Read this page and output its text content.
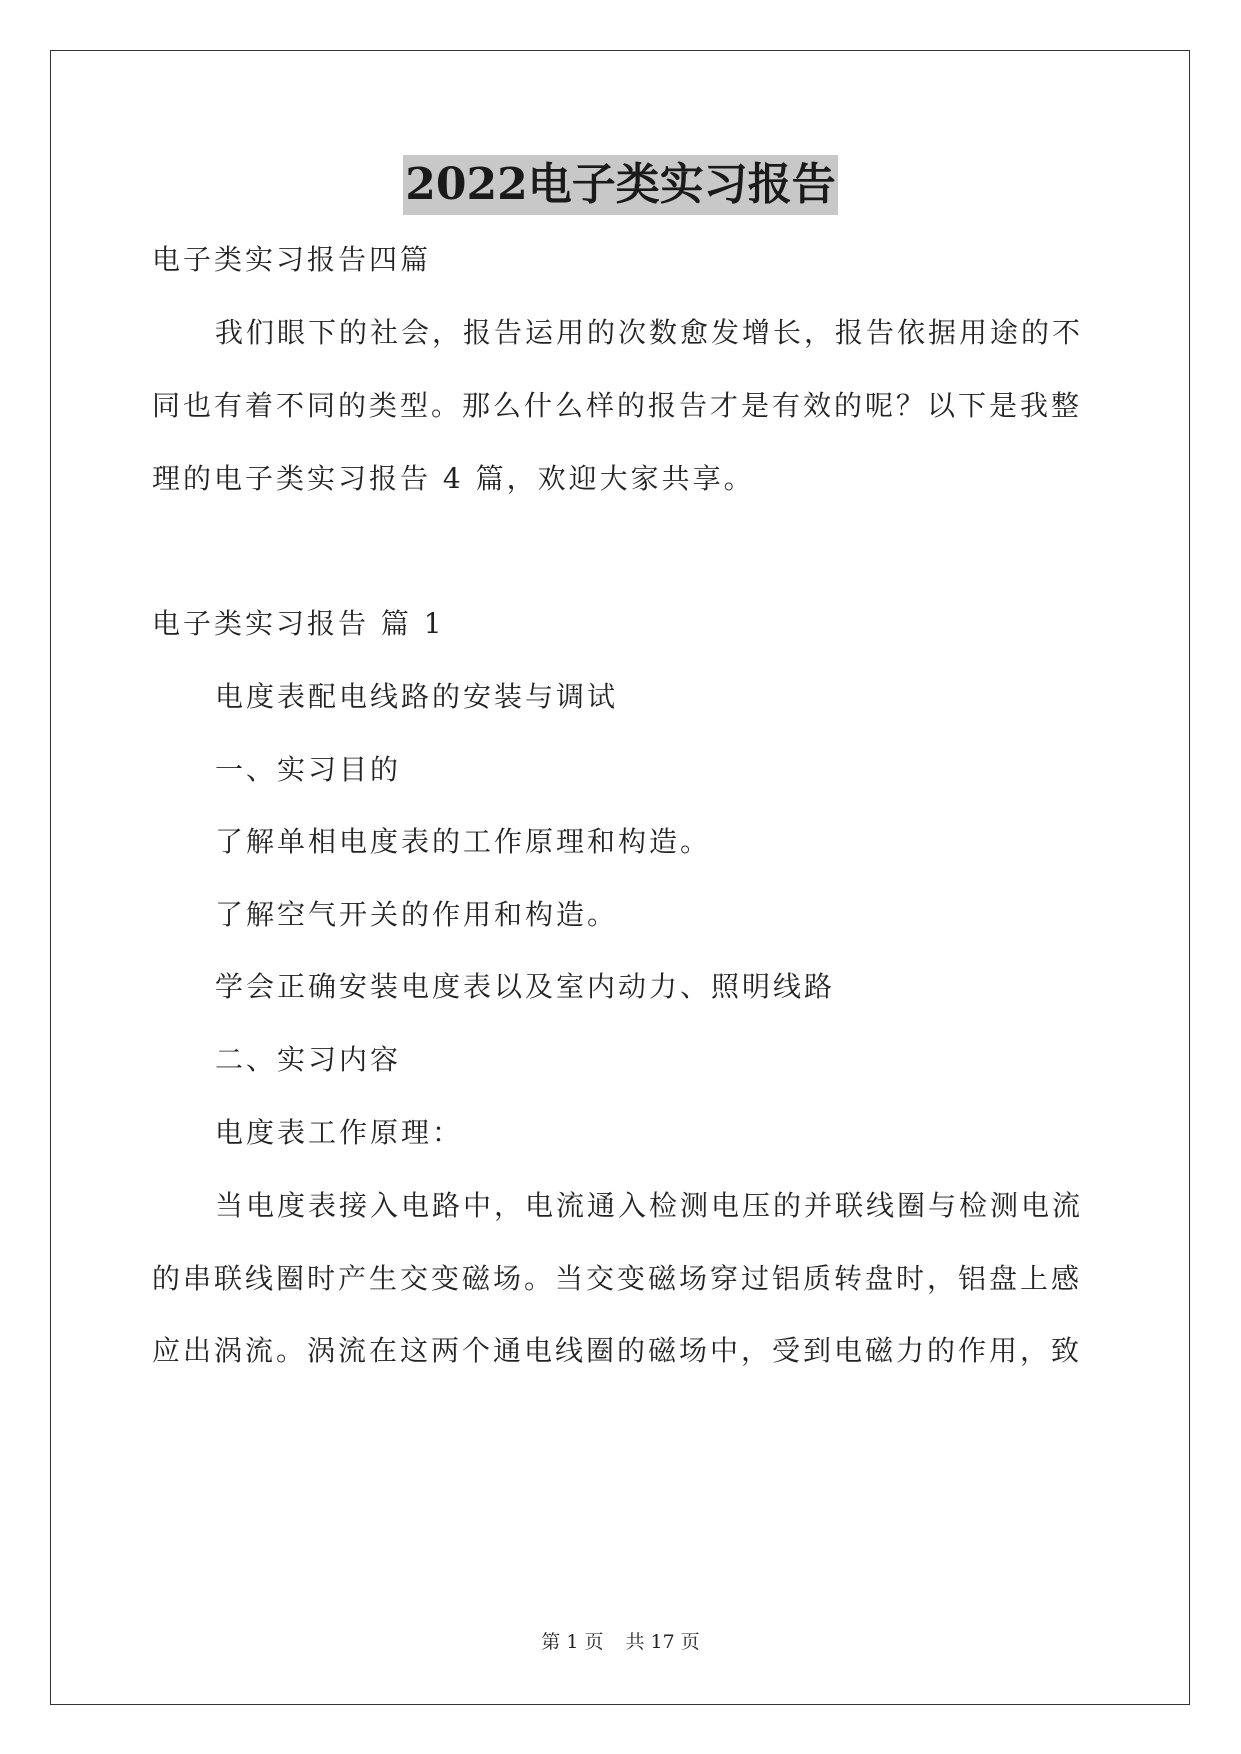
2022电子类实习报告
电子类实习报告四篇
我们眼下的社会，报告运用的次数愈发增长，报告依据用途的不
同也有着不同的类型。那么什么样的报告才是有效的呢？以下是我整
理的电子类实习报告 4 篇，欢迎大家共享。
电子类实习报告 篇 1
电度表配电线路的安装与调试
一、实习目的
了解单相电度表的工作原理和构造。
了解空气开关的作用和构造。
学会正确安装电度表以及室内动力、照明线路
二、实习内容
电度表工作原理：
当电度表接入电路中，电流通入检测电压的并联线圈与检测电流
的串联线圈时产生交变磁场。当交变磁场穿过铝质转盘时，铝盘上感
应出涡流。涡流在这两个通电线圈的磁场中，受到电磁力的作用，致
第 1 页 共 17 页
